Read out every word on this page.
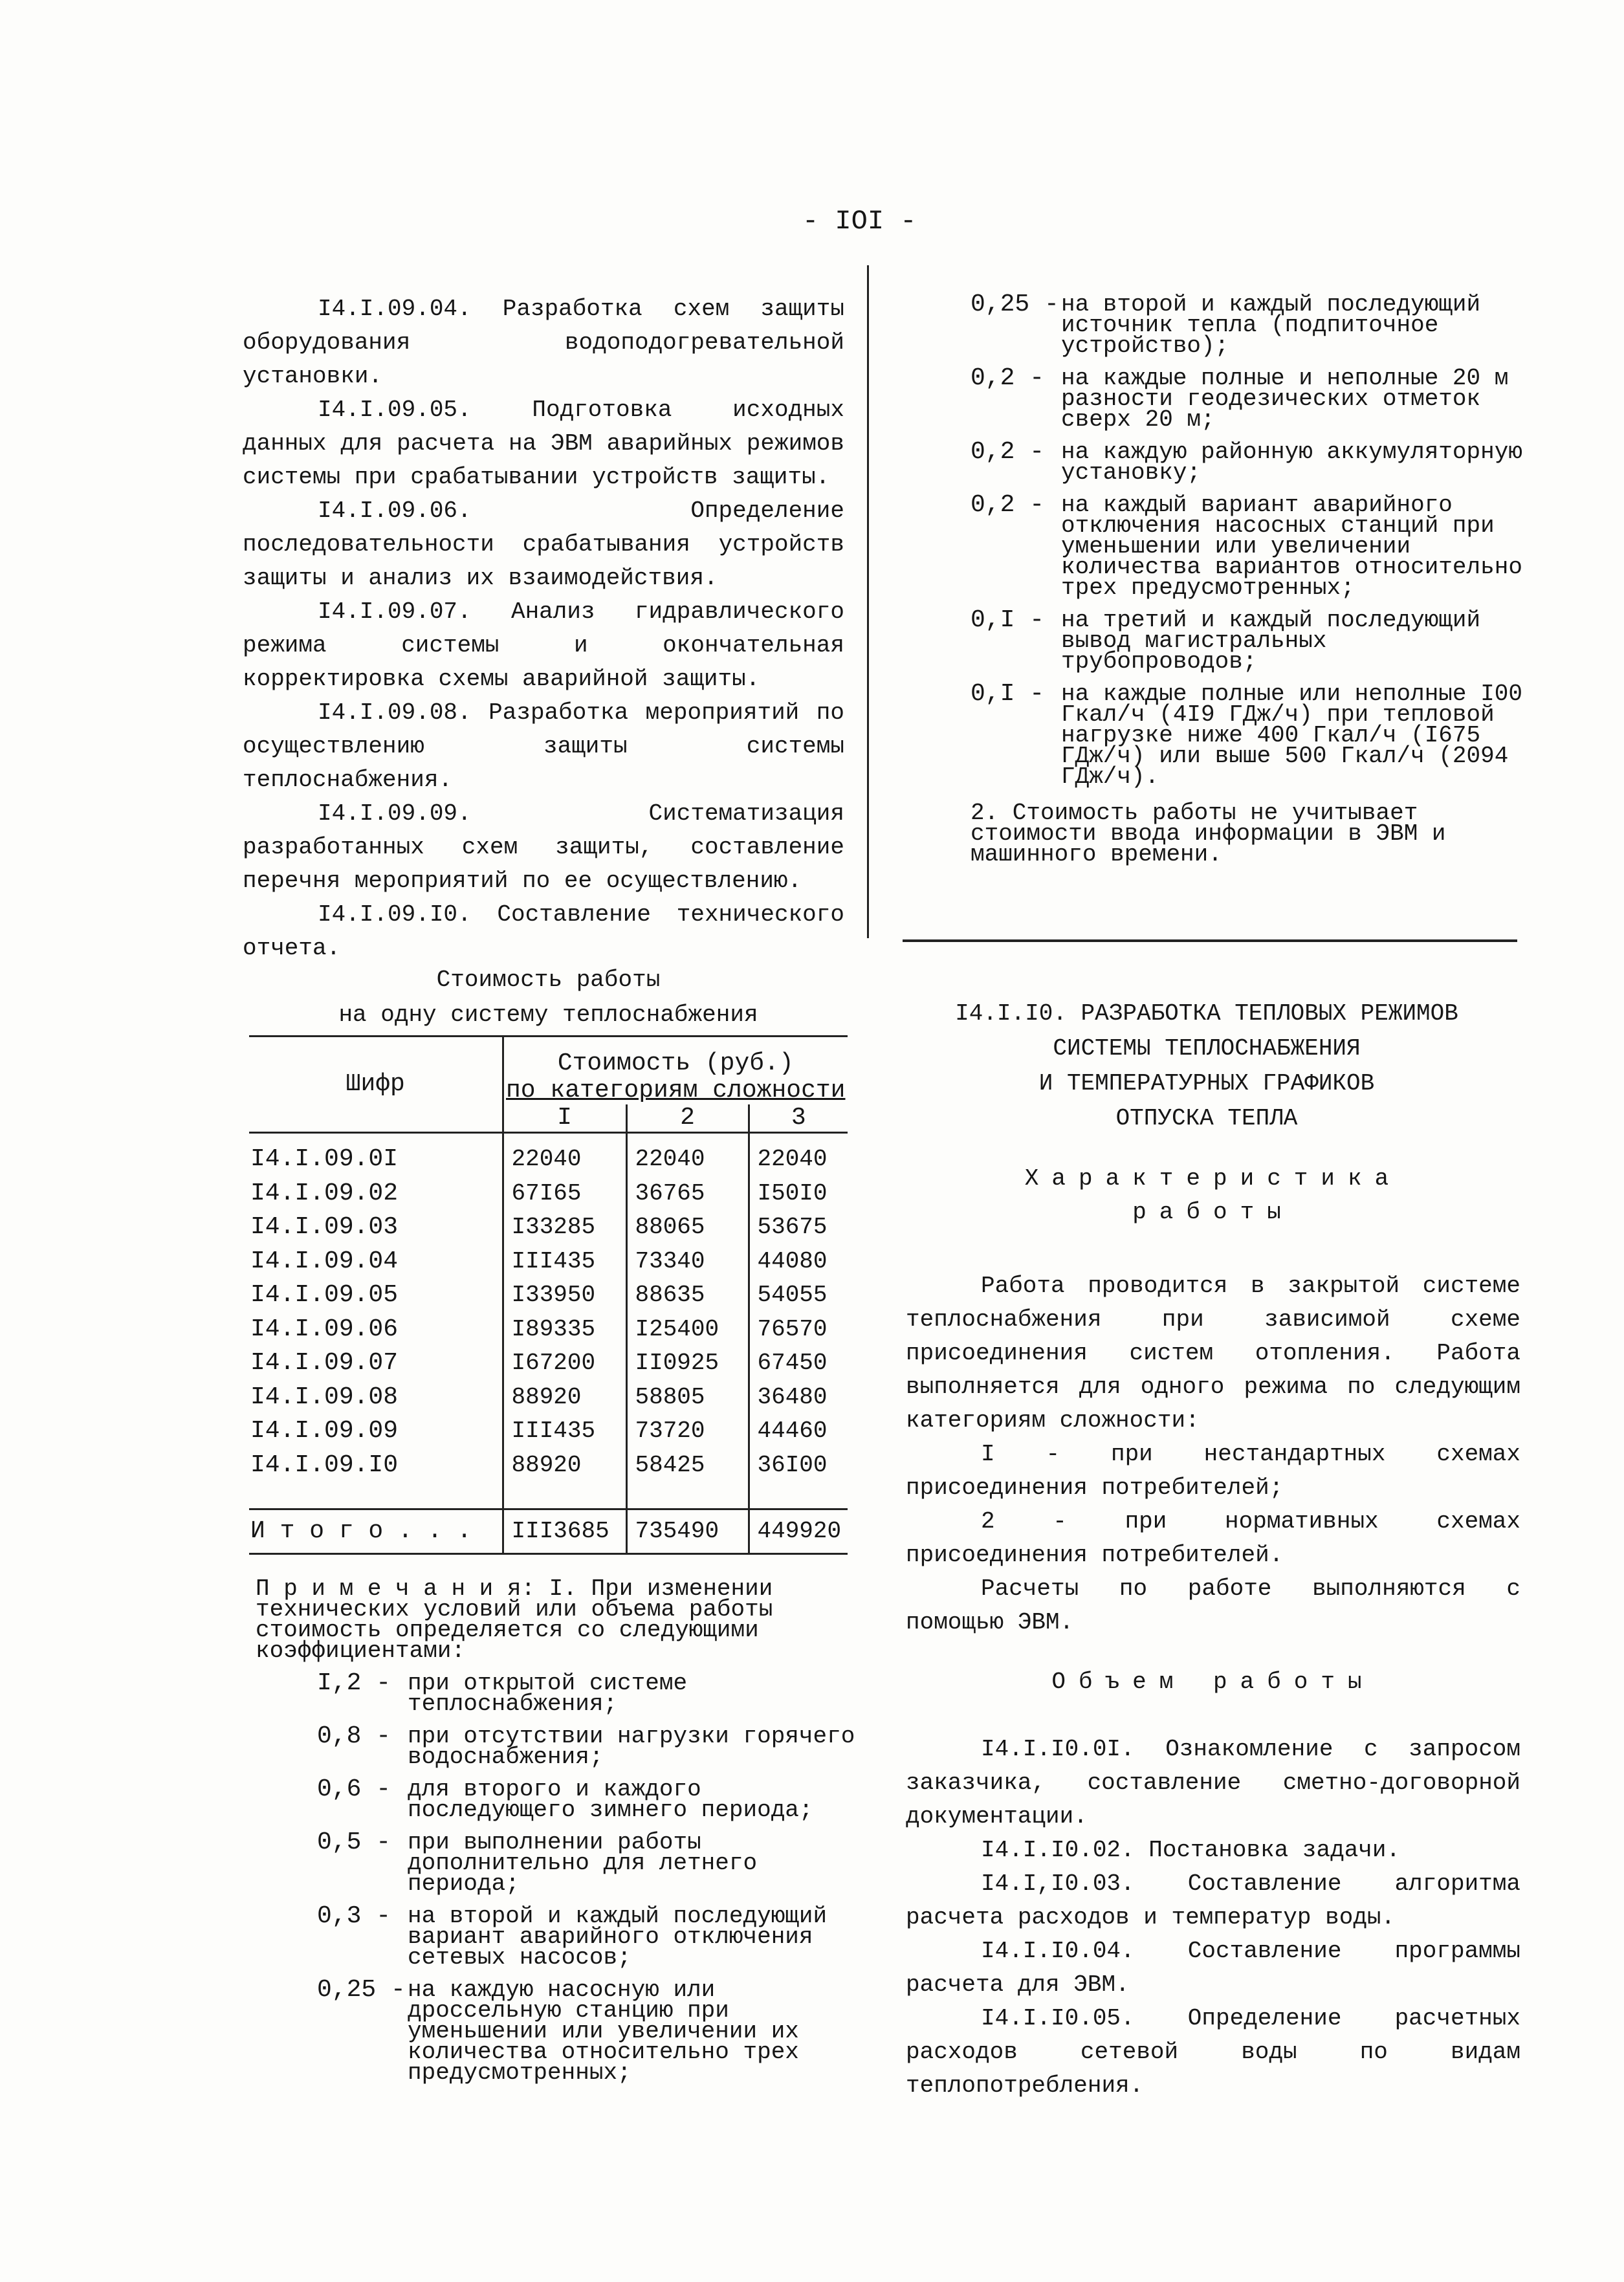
- IOI -

I4.I.09.04. Разработка схем защиты оборудования водоподогревательной установки.

I4.I.09.05. Подготовка исходных данных для расчета на ЭВМ аварийных режимов системы при срабатывании устройств защиты.

I4.I.09.06. Определение последовательности срабатывания устройств защиты и анализ их взаимодействия.

I4.I.09.07. Анализ гидравлического режима системы и окончательная корректировка схемы аварийной защиты.

I4.I.09.08. Разработка мероприятий по осуществлению защиты системы теплоснабжения.

I4.I.09.09. Систематизация разработанных схем защиты, составление перечня мероприятий по ее осуществлению.

I4.I.09.I0. Составление технического отчета.

Стоимость работы
на одну систему теплоснабжения
Шифр	Стоимость (руб.)
по категориям сложности		

	I	2	3

I4.I.09.0I	22040	22040	22040
I4.I.09.02	67I65	36765	I50I0
I4.I.09.03	I33285	88065	53675
I4.I.09.04	III435	73340	44080
I4.I.09.05	I33950	88635	54055
I4.I.09.06	I89335	I25400	76570
I4.I.09.07	I67200	II0925	67450
I4.I.09.08	88920	58805	36480
I4.I.09.09	III435	73720	44460
I4.I.09.I0	88920	58425	36I00

И т о г о . . .	III3685	735490	449920
П р и м е ч а н и я: I. При изменении технических условий или объема работы стоимость определяется со следующими коэффициентами:
I,2 - при открытой системе теплоснабжения;
0,8 - при отсутствии нагрузки горячего водоснабжения;
0,6 - для второго и каждого последующего зимнего периода;
0,5 - при выполнении работы дополнительно для летнего периода;
0,3 - на второй и каждый последующий вариант аварийного отключения сетевых насосов;
0,25 - на каждую насосную или дроссельную станцию при уменьшении или увеличении их количества относительно трех предусмотренных;
0,25 - на второй и каждый последующий источник тепла (подпиточное устройство);
0,2 - на каждые полные и неполные 20 м разности геодезических отметок сверх 20 м;
0,2 - на каждую районную аккумуляторную установку;
0,2 - на каждый вариант аварийного отключения насосных станций при уменьшении или увеличении количества вариантов относительно трех предусмотренных;
0,I - на третий и каждый последующий вывод магистральных трубопроводов;
0,I - на каждые полные или неполные I00 Гкал/ч (4I9 ГДж/ч) при тепловой нагрузке ниже 400 Гкал/ч (I675 ГДж/ч) или выше 500 Гкал/ч (2094 ГДж/ч).
2. Стоимость работы не учитывает стоимости ввода информации в ЭВМ и машинного времени.
I4.I.I0. РАЗРАБОТКА ТЕПЛОВЫХ РЕЖИМОВ
СИСТЕМЫ ТЕПЛОСНАБЖЕНИЯ
И ТЕМПЕРАТУРНЫХ ГРАФИКОВ
ОТПУСКА ТЕПЛА
Характеристика
работы

Работа проводится в закрытой системе теплоснабжения при зависимой схеме присоединения систем отопления. Работа выполняется для одного режима по следующим категориям сложности:

I - при нестандартных схемах присоединения потребителей;

2 - при нормативных схемах присоединения потребителей.

Расчеты по работе выполняются с помощью ЭВМ.

Объем работы

I4.I.I0.0I. Ознакомление с запросом заказчика, составление сметно-договорной документации.

I4.I.I0.02. Постановка задачи.

I4.I,I0.03. Составление алгоритма расчета расходов и температур воды.

I4.I.I0.04. Составление программы расчета для ЭВМ.

I4.I.I0.05. Определение расчетных расходов сетевой воды по видам теплопотребления.
